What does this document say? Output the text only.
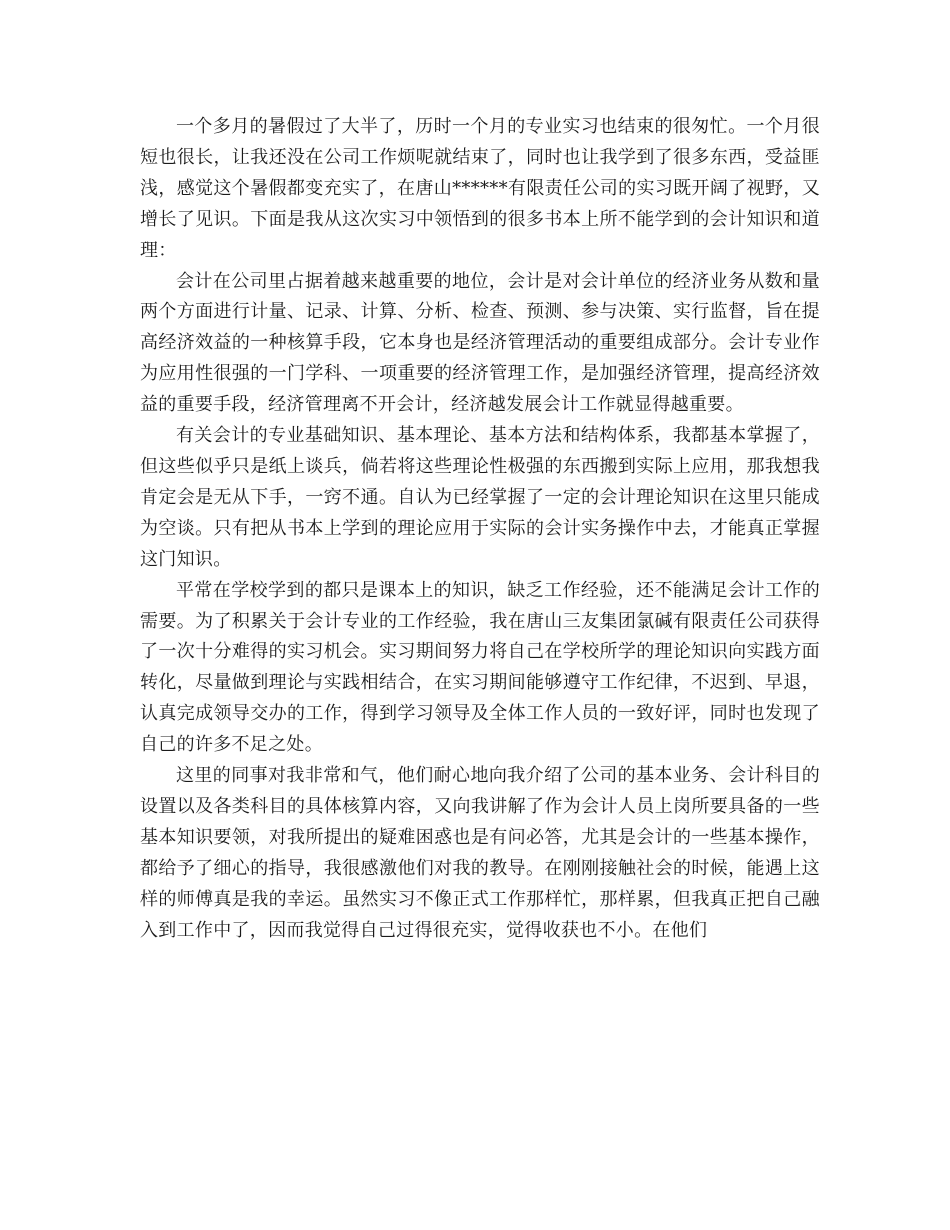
一个多月的暑假过了大半了，历时一个月的专业实习也结束的很匆忙。一个月很短也很长，让我还没在公司工作烦呢就结束了，同时也让我学到了很多东西，受益匪浅，感觉这个暑假都变充实了，在唐山******有限责任公司的实习既开阔了视野，又增长了见识。下面是我从这次实习中领悟到的很多书本上所不能学到的会计知识和道理：

会计在公司里占据着越来越重要的地位，会计是对会计单位的经济业务从数和量两个方面进行计量、记录、计算、分析、检查、预测、参与决策、实行监督，旨在提高经济效益的一种核算手段，它本身也是经济管理活动的重要组成部分。会计专业作为应用性很强的一门学科、一项重要的经济管理工作，是加强经济管理，提高经济效益的重要手段，经济管理离不开会计，经济越发展会计工作就显得越重要。

有关会计的专业基础知识、基本理论、基本方法和结构体系，我都基本掌握了，但这些似乎只是纸上谈兵，倘若将这些理论性极强的东西搬到实际上应用，那我想我肯定会是无从下手，一窍不通。自认为已经掌握了一定的会计理论知识在这里只能成为空谈。只有把从书本上学到的理论应用于实际的会计实务操作中去，才能真正掌握这门知识。

平常在学校学到的都只是课本上的知识，缺乏工作经验，还不能满足会计工作的需要。为了积累关于会计专业的工作经验，我在唐山三友集团氯碱有限责任公司获得了一次十分难得的实习机会。实习期间努力将自己在学校所学的理论知识向实践方面转化，尽量做到理论与实践相结合，在实习期间能够遵守工作纪律，不迟到、早退，认真完成领导交办的工作，得到学习领导及全体工作人员的一致好评，同时也发现了自己的许多不足之处。

这里的同事对我非常和气，他们耐心地向我介绍了公司的基本业务、会计科目的设置以及各类科目的具体核算内容，又向我讲解了作为会计人员上岗所要具备的一些基本知识要领，对我所提出的疑难困惑也是有问必答，尤其是会计的一些基本操作，都给予了细心的指导，我很感激他们对我的教导。在刚刚接触社会的时候，能遇上这样的师傅真是我的幸运。虽然实习不像正式工作那样忙，那样累，但我真正把自己融入到工作中了，因而我觉得自己过得很充实，觉得收获也不小。在他们
